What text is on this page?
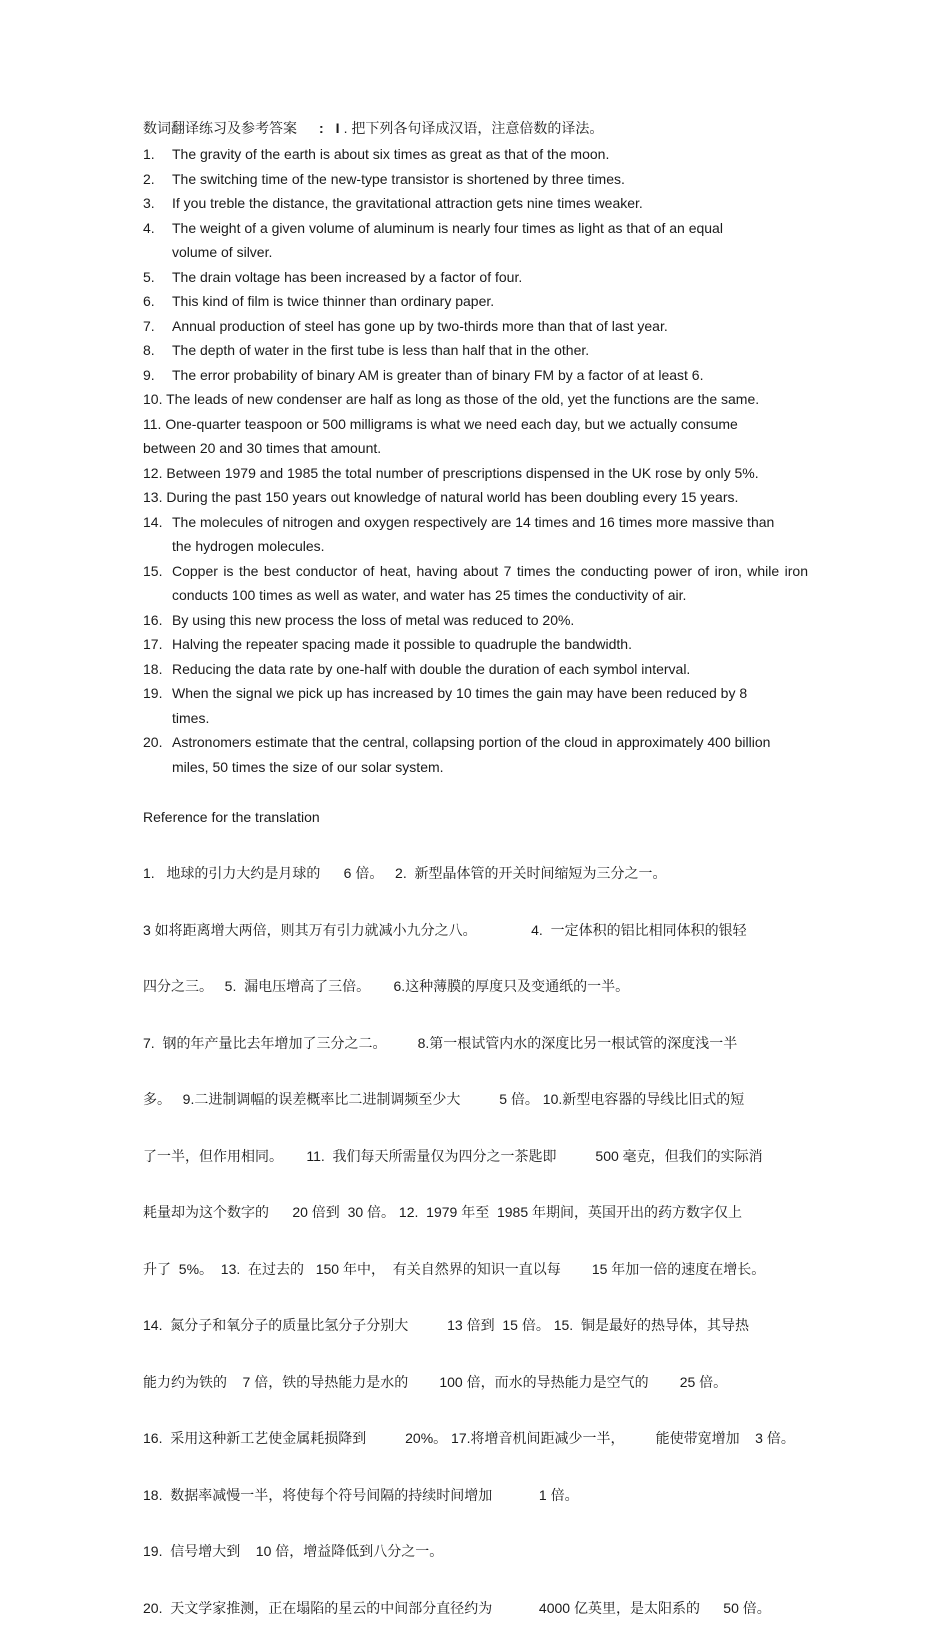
数词翻译练习及参考答案 : I . 把下列各句译成汉语，注意倍数的译法。
1.	The gravity of the earth is about six times as great as that of the moon.
2.	The switching time of the new-type transistor is shortened by three times.
3.	If you treble the distance, the gravitational attraction gets nine times weaker.
4.	The weight of a given volume of aluminum is nearly four times as light as that of an equal volume of silver.
5.	The drain voltage has been increased by a factor of four.
6.	This kind of film is twice thinner than ordinary paper.
7.	Annual production of steel has gone up by two-thirds more than that of last year.
8.	The depth of water in the first tube is less than half that in the other.
9.	The error probability of binary AM is greater than of binary FM by a factor of at least 6.
10. The leads of new condenser are half as long as those of the old, yet the functions are the same.
11. One-quarter teaspoon or 500 milligrams is what we need each day, but we actually consume between 20 and 30 times that amount.
12. Between 1979 and 1985 the total number of prescriptions dispensed in the UK rose by only 5%.
13. During the past 150 years out knowledge of natural world has been doubling every 15 years.
14. The molecules of nitrogen and oxygen respectively are 14 times and 16 times more massive than the hydrogen molecules.
15. Copper is the best conductor of heat, having about 7 times the conducting power of iron, while iron conducts 100 times as well as water, and water has 25 times the conductivity of air.
16. By using this new process the loss of metal was reduced to 20%.
17. Halving the repeater spacing made it possible to quadruple the bandwidth.
18. Reducing the data rate by one-half with double the duration of each symbol interval.
19. When the signal we pick up has increased by 10 times the gain may have been reduced by 8 times.
20. Astronomers estimate that the central, collapsing portion of the cloud in approximately 400 billion miles, 50 times the size of our solar system.
Reference for the translation

1.   地球的引力大约是月球的      6 倍。   2.  新型晶体管的开关时间缩短为三分之一。

3 如将距离增大两倍，则其万有引力就减小九分之八。              4.  一定体积的铝比相同体积的银轻

四分之三。   5.  漏电压增高了三倍。      6.这种薄膜的厚度只及变通纸的一半。

7.  钢的年产量比去年增加了三分之二。        8.第一根试管内水的深度比另一根试管的深度浅一半

多。   9.二进制调幅的误差概率比二进制调频至少大          5 倍。 10.新型电容器的导线比旧式的短

了一半，但作用相同。      11.  我们每天所需量仅为四分之一茶匙即          500 毫克，但我们的实际消

耗量却为这个数字的      20 倍到  30 倍。 12.  1979 年至  1985 年期间，英国开出的药方数字仅上

升了  5%。  13.  在过去的   150 年中，  有关自然界的知识一直以每        15 年加一倍的速度在增长。

14.  氮分子和氧分子的质量比氢分子分别大          13 倍到  15 倍。 15.  铜是最好的热导体，其导热

能力约为铁的    7 倍，铁的导热能力是水的        100 倍，而水的导热能力是空气的        25 倍。

16.  采用这种新工艺使金属耗损降到          20%。 17.将增音机间距减少一半，        能使带宽增加    3 倍。

18.  数据率减慢一半，将使每个符号间隔的持续时间增加            1 倍。

19.  信号增大到    10 倍，增益降低到八分之一。

20.  天文学家推测，正在塌陷的星云的中间部分直径约为            4000 亿英里，是太阳系的      50 倍。
